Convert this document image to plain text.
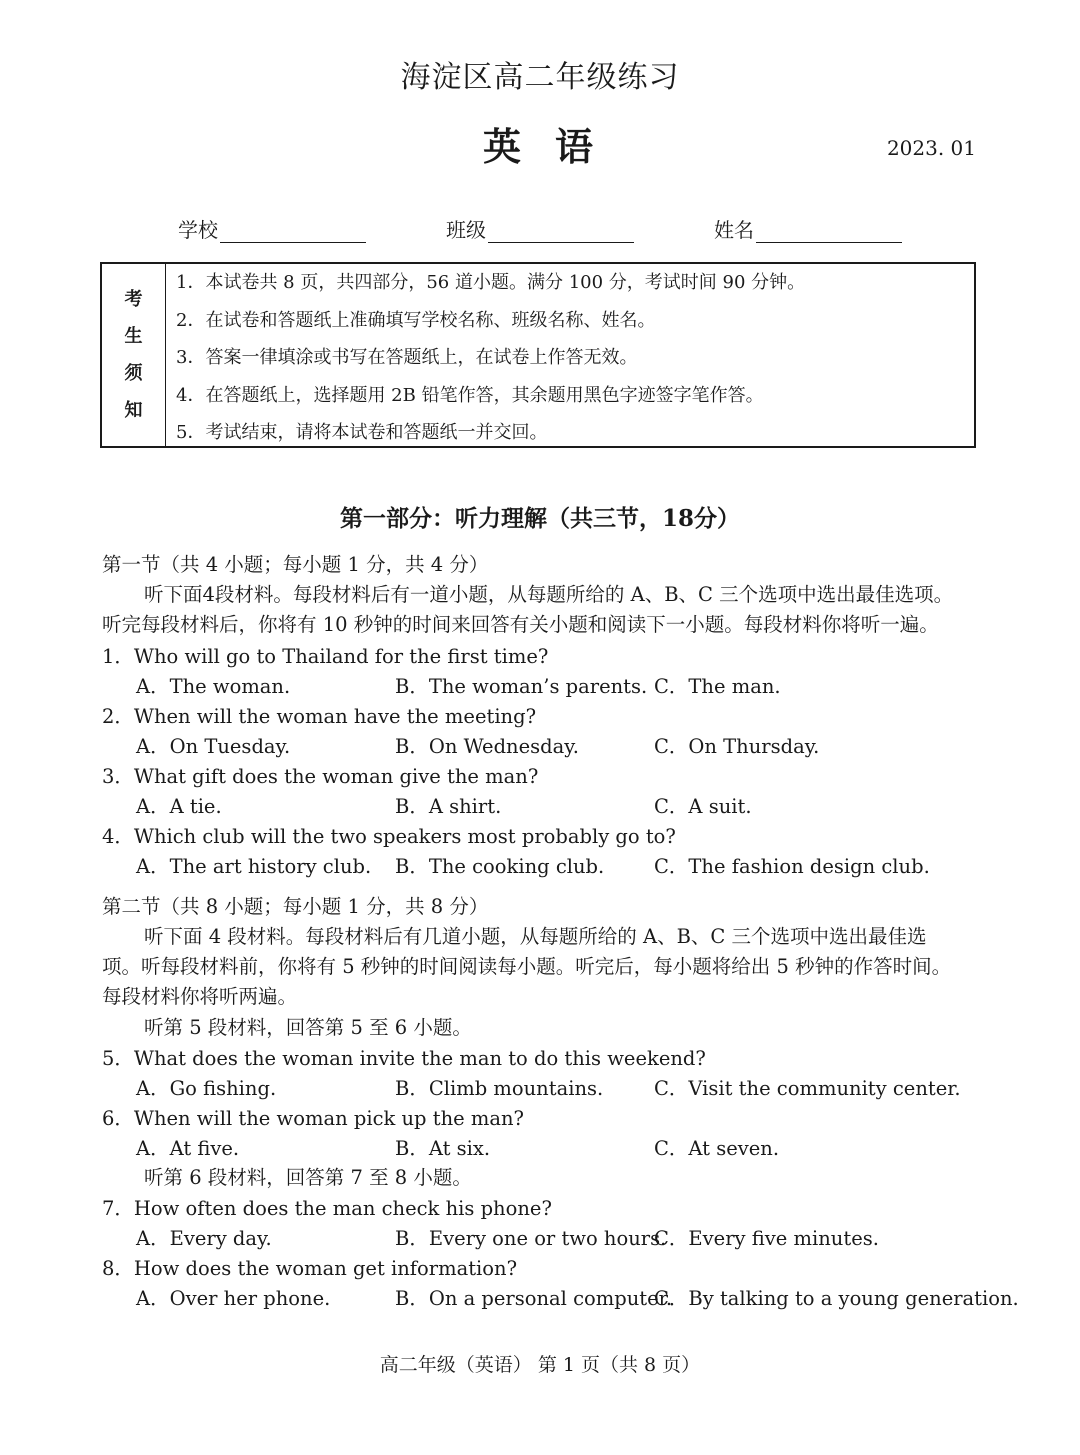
海淀区高二年级练习
英语	2023. 01
学校	班级	姓名
考
生
须
知
1．本试卷共 8 页，共四部分，56 道小题。满分 100 分，考试时间 90 分钟。
2．在试卷和答题纸上准确填写学校名称、班级名称、姓名。
3．答案一律填涂或书写在答题纸上，在试卷上作答无效。
4．在答题纸上，选择题用 2B 铅笔作答，其余题用黑色字迹签字笔作答。
5．考试结束，请将本试卷和答题纸一并交回。
第一部分：听力理解（共三节，18分）
第一节（共 4 小题；每小题 1 分，共 4 分）
听下面4段材料。每段材料后有一道小题，从每题所给的 A、B、C 三个选项中选出最佳选项。
听完每段材料后，你将有 10 秒钟的时间来回答有关小题和阅读下一小题。每段材料你将听一遍。
1．Who will go to Thailand for the first time?
A．The woman.	B．The woman’s parents. C．The man.
2．When will the woman have the meeting?
A．On Tuesday.	B．On Wednesday.	C．On Thursday.
3．What gift does the woman give the man?
A．A tie.	B．A shirt.	C．A suit.
4．Which club will the two speakers most probably go to?
A．The art history club. B．The cooking club.	C．The fashion design club.
第二节（共 8 小题；每小题 1 分，共 8 分）
听下面 4 段材料。每段材料后有几道小题，从每题所给的 A、B、C 三个选项中选出最佳选
项。听每段材料前，你将有 5 秒钟的时间阅读每小题。听完后，每小题将给出 5 秒钟的作答时间。
每段材料你将听两遍。
听第 5 段材料，回答第 5 至 6 小题。
5．What does the woman invite the man to do this weekend?
A．Go fishing.	B．Climb mountains.	C．Visit the community center.
6．When will the woman pick up the man?
A．At five.	B．At six.	C．At seven.
听第 6 段材料，回答第 7 至 8 小题。
7．How often does the man check his phone?
A．Every day.	B．Every one or two hours.
C．Every five minutes.
8．How does the woman get information?
A．Over her phone.	B．On a personal computer.
C．By talking to a young generation.
高二年级（英语） 第 1 页（共 8 页）
